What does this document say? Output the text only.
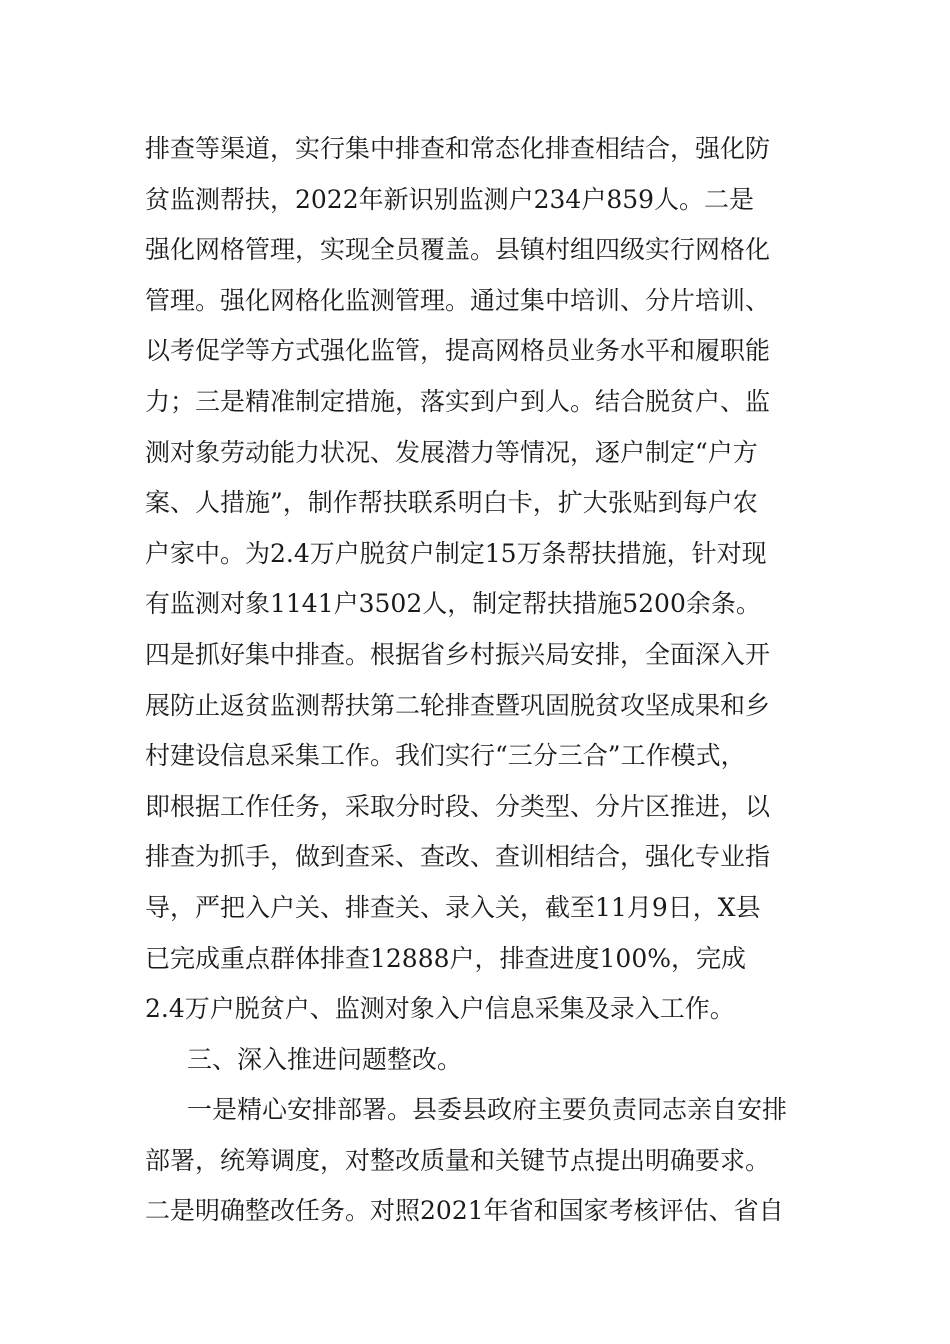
排查等渠道，实行集中排查和常态化排查相结合，强化防
贫监测帮扶，2022年新识别监测户234户859人。二是
强化网格管理，实现全员覆盖。县镇村组四级实行网格化
管理。强化网格化监测管理。通过集中培训、分片培训、
以考促学等方式强化监管，提高网格员业务水平和履职能
力；三是精准制定措施，落实到户到人。结合脱贫户、监
测对象劳动能力状况、发展潜力等情况，逐户制定“户方
案、人措施”，制作帮扶联系明白卡，扩大张贴到每户农
户家中。为2.4万户脱贫户制定15万条帮扶措施，针对现
有监测对象1141户3502人，制定帮扶措施5200余条。
四是抓好集中排查。根据省乡村振兴局安排，全面深入开
展防止返贫监测帮扶第二轮排查暨巩固脱贫攻坚成果和乡
村建设信息采集工作。我们实行“三分三合”工作模式，
即根据工作任务，采取分时段、分类型、分片区推进，以
排查为抓手，做到查采、查改、查训相结合，强化专业指
导，严把入户关、排查关、录入关，截至11月9日，X县
已完成重点群体排查12888户，排查进度100%，完成
2.4万户脱贫户、监测对象入户信息采集及录入工作。
三、深入推进问题整改。
一是精心安排部署。县委县政府主要负责同志亲自安排
部署，统筹调度，对整改质量和关键节点提出明确要求。
二是明确整改任务。对照2021年省和国家考核评估、省自
